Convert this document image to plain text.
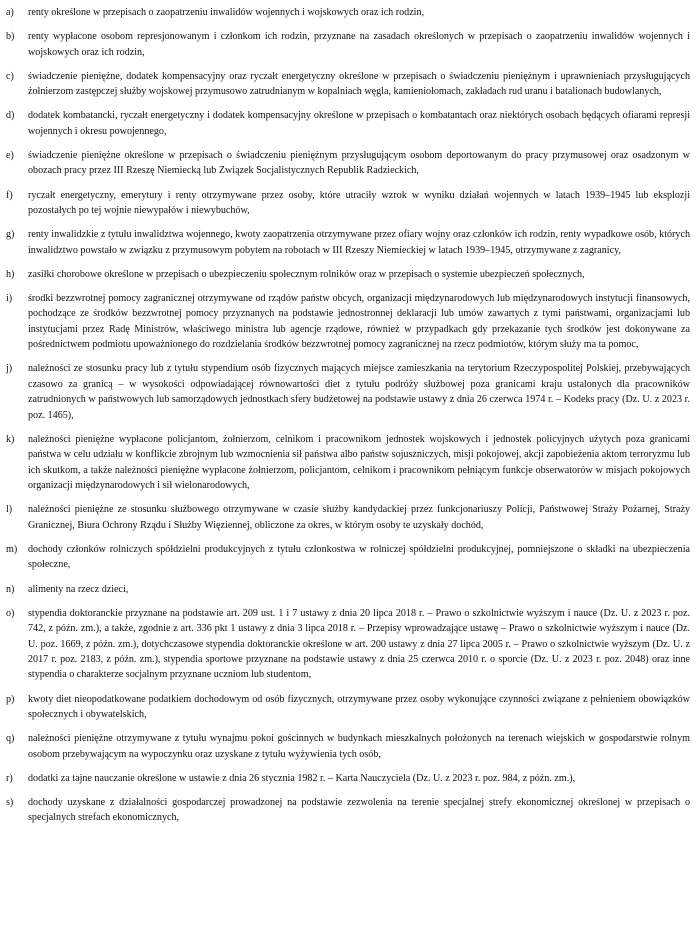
a)	renty określone w przepisach o zaopatrzeniu inwalidów wojennych i wojskowych oraz ich rodzin,
b)	renty wypłacone osobom represjonowanym i członkom ich rodzin, przyznane na zasadach określonych w przepisach o zaopatrzeniu inwalidów wojennych i wojskowych oraz ich rodzin,
c)	świadczenie pieniężne, dodatek kompensacyjny oraz ryczałt energetyczny określone w przepisach o świadczeniu pieniężnym i uprawnieniach przysługujących żołnierzom zastępczej służby wojskowej przymusowo zatrudnianym w kopalniach węgla, kamieniołomach, zakładach rud uranu i batalionach budowlanych,
d)	dodatek kombatancki, ryczałt energetyczny i dodatek kompensacyjny określone w przepisach o kombatantach oraz niektórych osobach będących ofiarami represji wojennych i okresu powojennego,
e)	świadczenie pieniężne określone w przepisach o świadczeniu pieniężnym przysługującym osobom deportowanym do pracy przymusowej oraz osadzonym w obozach pracy przez III Rzeszę Niemiecką lub Związek Socjalistycznych Republik Radzieckich,
f)	ryczałt energetyczny, emerytury i renty otrzymywane przez osoby, które utraciły wzrok w wyniku działań wojennych w latach 1939–1945 lub eksplozji pozostałych po tej wojnie niewypałów i niewybuchów,
g)	renty inwalidzkie z tytułu inwalidztwa wojennego, kwoty zaopatrzenia otrzymywane przez ofiary wojny oraz członków ich rodzin, renty wypadkowe osób, których inwalidztwo powstało w związku z przymusowym pobytem na robotach w III Rzeszy Niemieckiej w latach 1939–1945, otrzymywane z zagranicy,
h)	zasiłki chorobowe określone w przepisach o ubezpieczeniu społecznym rolników oraz w przepisach o systemie ubezpieczeń społecznych,
i)	środki bezzwrotnej pomocy zagranicznej otrzymywane od rządów państw obcych, organizacji międzynarodowych lub międzynarodowych instytucji finansowych, pochodzące ze środków bezzwrotnej pomocy przyznanych na podstawie jednostronnej deklaracji lub umów zawartych z tymi państwami, organizacjami lub instytucjami przez Radę Ministrów, właściwego ministra lub agencje rządowe, również w przypadkach gdy przekazanie tych środków jest dokonywane za pośrednictwem podmiotu upoważnionego do rozdzielania środków bezzwrotnej pomocy zagranicznej na rzecz podmiotów, którym służy ma ta pomoc,
j)	należności ze stosunku pracy lub z tytułu stypendium osób fizycznych mających miejsce zamieszkania na terytorium Rzeczypospolitej Polskiej, przebywających czasowo za granicą – w wysokości odpowiadającej równowartości diet z tytułu podróży służbowej poza granicami kraju ustalonych dla pracowników zatrudnionych w państwowych lub samorządowych jednostkach sfery budżetowej na podstawie ustawy z dnia 26 czerwca 1974 r. – Kodeks pracy (Dz. U. z 2023 r. poz. 1465),
k)	należności pieniężne wypłacone policjantom, żołnierzom, celnikom i pracownikom jednostek wojskowych i jednostek policyjnych użytych poza granicami państwa w celu udziału w konflikcie zbrojnym lub wzmocnienia sił państwa albo państw sojuszniczych, misji pokojowej, akcji zapobieżenia aktom terroryzmu lub ich skutkom, a także należności pieniężne wypłacone żołnierzom, policjantom, celnikom i pracownikom pełniącym funkcje obserwatorów w misjach pokojowych organizacji międzynarodowych i sił wielonarodowych,
l)	należności pieniężne ze stosunku służbowego otrzymywane w czasie służby kandydackiej przez funkcjonariuszy Policji, Państwowej Straży Pożarnej, Straży Granicznej, Biura Ochrony Rządu i Służby Więziennej, obliczone za okres, w którym osoby te uzyskały dochód,
m)	dochody członków rolniczych spółdzielni produkcyjnych z tytułu członkostwa w rolniczej spółdzielni produkcyjnej, pomniejszone o składki na ubezpieczenia społeczne,
n)	alimenty na rzecz dzieci,
o)	stypendia doktoranckie przyznane na podstawie art. 209 ust. 1 i 7 ustawy z dnia 20 lipca 2018 r. – Prawo o szkolnictwie wyższym i nauce (Dz. U. z 2023 r. poz. 742, z późn. zm.), a także, zgodnie z art. 336 pkt 1 ustawy z dnia 3 lipca 2018 r. – Przepisy wprowadzające ustawę – Prawo o szkolnictwie wyższym i nauce (Dz. U. poz. 1669, z późn. zm.), dotychczasowe stypendia doktoranckie określone w art. 200 ustawy z dnia 27 lipca 2005 r. – Prawo o szkolnictwie wyższym (Dz. U. z 2017 r. poz. 2183, z późn. zm.), stypendia sportowe przyznane na podstawie ustawy z dnia 25 czerwca 2010 r. o sporcie (Dz. U. z 2023 r. poz. 2048) oraz inne stypendia o charakterze socjalnym przyznane uczniom lub studentom,
p)	kwoty diet nieopodatkowane podatkiem dochodowym od osób fizycznych, otrzymywane przez osoby wykonujące czynności związane z pełnieniem obowiązków społecznych i obywatelskich,
q)	należności pieniężne otrzymywane z tytułu wynajmu pokoi gościnnych w budynkach mieszkalnych położonych na terenach wiejskich w gospodarstwie rolnym osobom przebywającym na wypoczynku oraz uzyskane z tytułu wyżywienia tych osób,
r)	dodatki za tajne nauczanie określone w ustawie z dnia 26 stycznia 1982 r. – Karta Nauczyciela (Dz. U. z 2023 r. poz. 984, z późn. zm.),
s)	dochody uzyskane z działalności gospodarczej prowadzonej na podstawie zezwolenia na terenie specjalnej strefy ekonomicznej określonej w przepisach o specjalnych strefach ekonomicznych,
